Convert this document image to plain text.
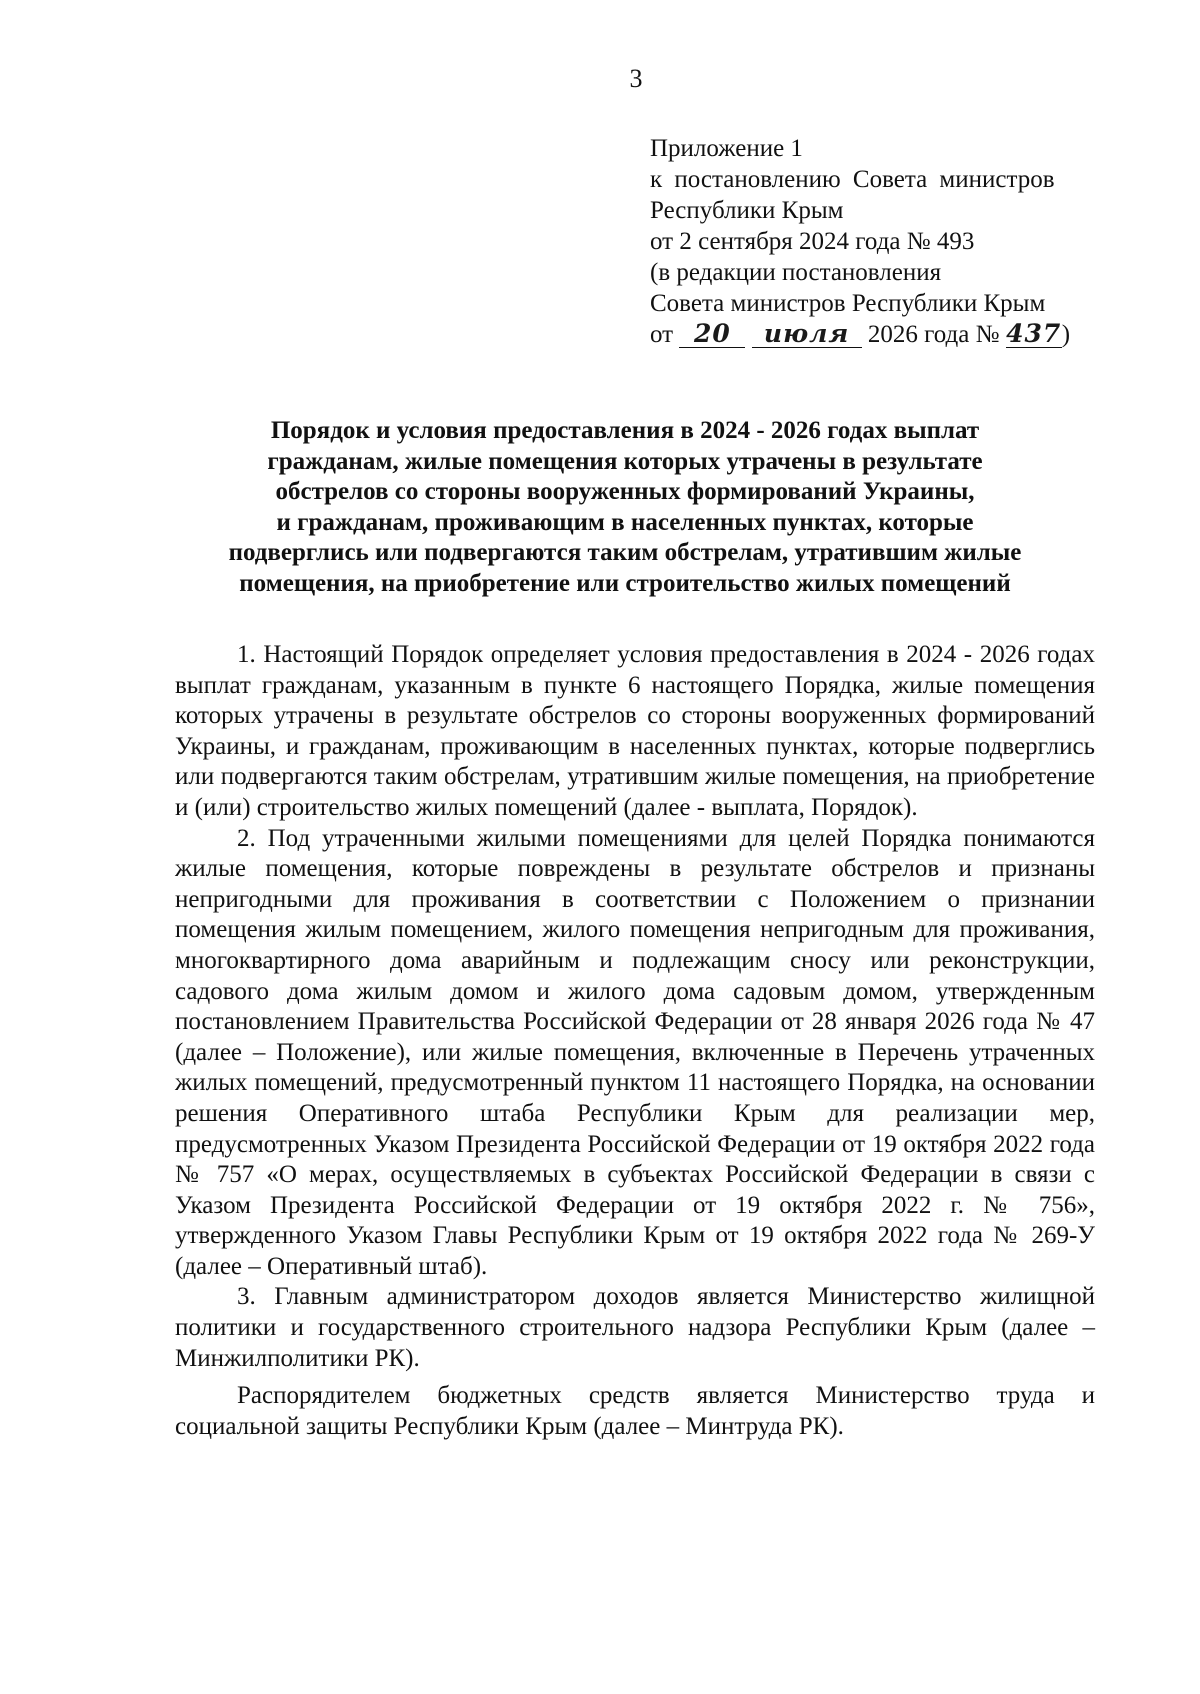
3
Приложение 1
к постановлению Совета министров
Республики Крым
от 2 сентября 2024 года № 493
(в редакции постановления
Совета министров Республики Крым
от 20 июля 2026 года № 437)
Порядок и условия предоставления в 2024 - 2026 годах выплат
гражданам, жилые помещения которых утрачены в результате
обстрелов со стороны вооруженных формирований Украины,
и гражданам, проживающим в населенных пунктах, которые
подверглись или подвергаются таким обстрелам, утратившим жилые
помещения, на приобретение или строительство жилых помещений

1. Настоящий Порядок определяет условия предоставления в 2024 - 2026 годах выплат гражданам, указанным в пункте 6 настоящего Порядка, жилые помещения которых утрачены в результате обстрелов со стороны вооруженных формирований Украины, и гражданам, проживающим в населенных пунктах, которые подверглись или подвергаются таким обстрелам, утратившим жилые помещения, на приобретение и (или) строительство жилых помещений (далее - выплата, Порядок).

2. Под утраченными жилыми помещениями для целей Порядка понимаются жилые помещения, которые повреждены в результате обстрелов и признаны непригодными для проживания в соответствии с Положением о признании помещения жилым помещением, жилого помещения непригодным для проживания, многоквартирного дома аварийным и подлежащим сносу или реконструкции, садового дома жилым домом и жилого дома садовым домом, утвержденным постановлением Правительства Российской Федерации от 28 января 2026 года № 47 (далее – Положение), или жилые помещения, включенные в Перечень утраченных жилых помещений, предусмотренный пунктом 11 настоящего Порядка, на основании решения Оперативного штаба Республики Крым для реализации мер, предусмотренных Указом Президента Российской Федерации от 19 октября 2022 года № 757 «О мерах, осуществляемых в субъектах Российской Федерации в связи с Указом Президента Российской Федерации от 19 октября 2022 г. № 756», утвержденного Указом Главы Республики Крым от 19 октября 2022 года № 269-У (далее – Оперативный штаб).

3. Главным администратором доходов является Министерство жилищной политики и государственного строительного надзора Республики Крым (далее – Минжилполитики РК).

Распорядителем бюджетных средств является Министерство труда и социальной защиты Республики Крым (далее – Минтруда РК).
